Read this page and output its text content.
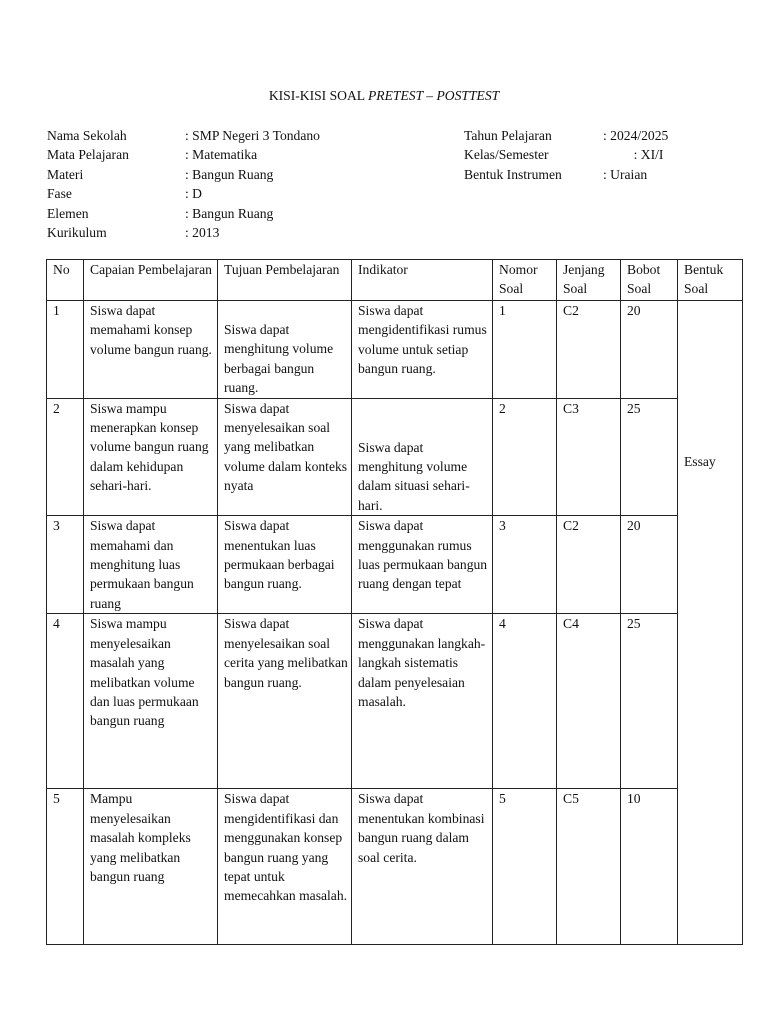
KISI-KISI SOAL PRETEST – POSTTEST
Nama Sekolah	: SMP Negeri 3 Tondano
Mata Pelajaran	: Matematika
Materi	: Bangun Ruang
Fase	: D
Elemen	: Bangun Ruang
Kurikulum	: 2013
Tahun Pelajaran	: 2024/2025
Kelas/Semester	: XI/I
Bentuk Instrumen	: Uraian
No	Capaian Pembelajaran	Tujuan Pembelajaran	Indikator	Nomor Soal	Jenjang Soal	Bobot Soal	Bentuk Soal
1	Siswa dapat memahami konsep volume bangun ruang.	Siswa dapat menghitung volume berbagai bangun ruang.	Siswa dapat mengidentifikasi rumus volume untuk setiap bangun ruang.	1	C2	20	Essay
2	Siswa mampu menerapkan konsep volume bangun ruang dalam kehidupan sehari-hari.	Siswa dapat menyelesaikan soal yang melibatkan volume dalam konteks nyata	Siswa dapat menghitung volume dalam situasi sehari-hari.	2	C3	25	
3	Siswa dapat memahami dan menghitung luas permukaan bangun ruang	Siswa dapat menentukan luas permukaan berbagai bangun ruang.	Siswa dapat menggunakan rumus luas permukaan bangun ruang dengan tepat	3	C2	20	
4	Siswa mampu menyelesaikan masalah yang melibatkan volume dan luas permukaan bangun ruang	Siswa dapat menyelesaikan soal cerita yang melibatkan bangun ruang.	Siswa dapat menggunakan langkah-langkah sistematis dalam penyelesaian masalah.	4	C4	25	
5	Mampu menyelesaikan masalah kompleks yang melibatkan bangun ruang	Siswa dapat mengidentifikasi dan menggunakan konsep bangun ruang yang tepat untuk memecahkan masalah.	Siswa dapat menentukan kombinasi bangun ruang dalam soal cerita.	5	C5	10	
